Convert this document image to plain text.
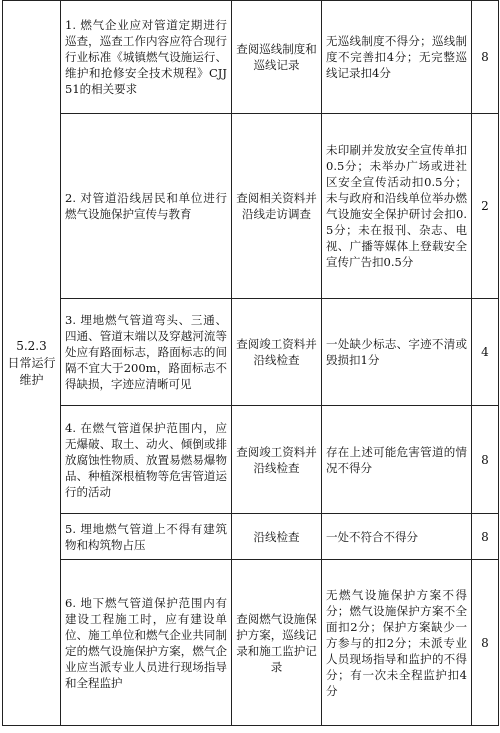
5.2.3
日常运行
维护	1. 燃气企业应对管道定期进行巡查，巡查工作内容应符合现行行业标准《城镇燃气设施运行、维护和抢修安全技术规程》CJJ 51的相关要求	查阅巡线制度和巡线记录	无巡线制度不得分；巡线制度不完善扣4分；无完整巡线记录扣4分	8
	2. 对管道沿线居民和单位进行燃气设施保护宣传与教育	查阅相关资料并沿线走访调查	未印刷并发放安全宣传单扣0.5分；未举办广场或进社区安全宣传活动扣0.5分；未与政府和沿线单位举办燃气设施安全保护研讨会扣0.5分；未在报刊、杂志、电视、广播等媒体上登载安全宣传广告扣0.5分	2
	3. 埋地燃气管道弯头、三通、四通、管道末端以及穿越河流等处应有路面标志，路面标志的间隔不宜大于200m，路面标志不得缺损，字迹应清晰可见	查阅竣工资料并沿线检查	一处缺少标志、字迹不清或毁损扣1分	4
	4. 在燃气管道保护范围内，应无爆破、取土、动火、倾倒或排放腐蚀性物质、放置易燃易爆物品、种植深根植物等危害管道运行的活动	查阅竣工资料并沿线检查	存在上述可能危害管道的情况不得分	8
	5. 埋地燃气管道上不得有建筑物和构筑物占压	沿线检查	一处不符合不得分	8
	6. 地下燃气管道保护范围内有建设工程施工时，应有建设单位、施工单位和燃气企业共同制定的燃气设施保护方案，燃气企业应当派专业人员进行现场指导和全程监护	查阅燃气设施保护方案，巡线记录和施工监护记录	无燃气设施保护方案不得分；燃气设施保护方案不全面扣2分；保护方案缺少一方参与的扣2分；未派专业人员现场指导和监护的不得分；有一次未全程监护扣4分	8
